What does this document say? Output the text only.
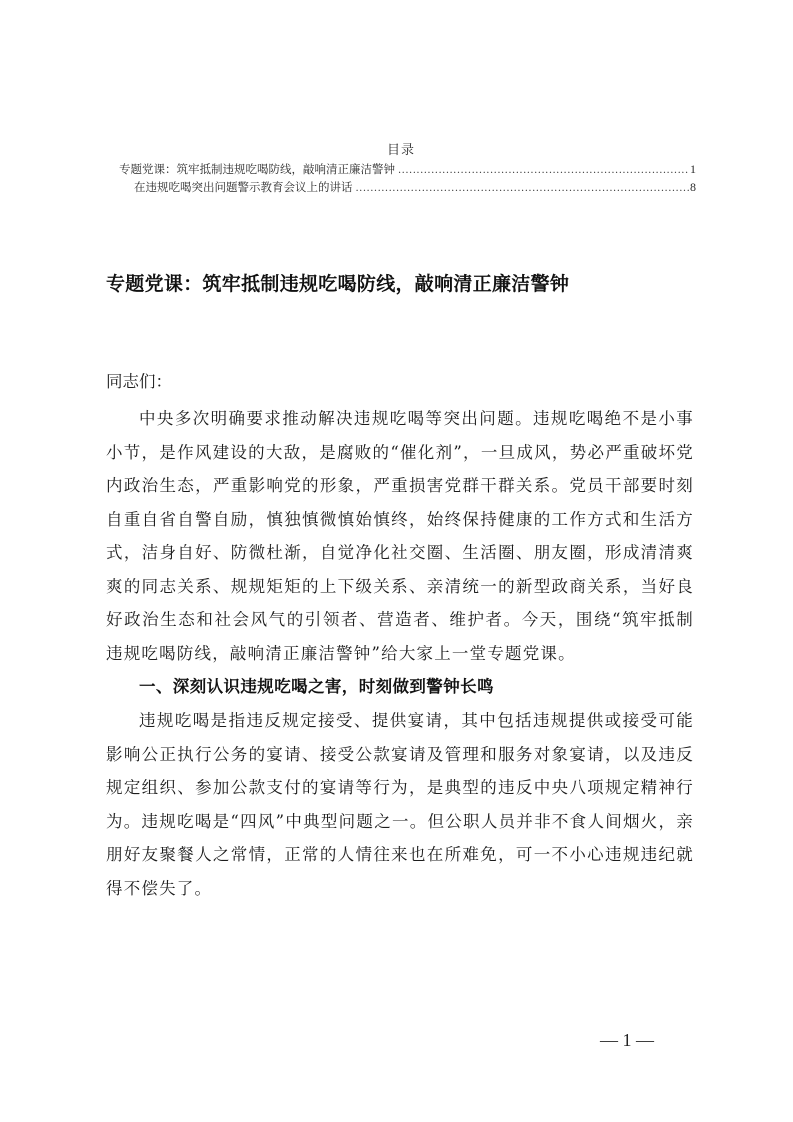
目录
专题党课：筑牢抵制违规吃喝防线，敲响清正廉洁警钟 .....	1
在违规吃喝突出问题警示教育会议上的讲话 .....	8
专题党课：筑牢抵制违规吃喝防线，敲响清正廉洁警钟

同志们：

中央多次明确要求推动解决违规吃喝等突出问题。违规吃喝绝不是小事小节，是作风建设的大敌，是腐败的“催化剂”，一旦成风，势必严重破坏党内政治生态，严重影响党的形象，严重损害党群干群关系。党员干部要时刻自重自省自警自励，慎独慎微慎始慎终，始终保持健康的工作方式和生活方式，洁身自好、防微杜渐，自觉净化社交圈、生活圈、朋友圈，形成清清爽爽的同志关系、规规矩矩的上下级关系、亲清统一的新型政商关系，当好良好政治生态和社会风气的引领者、营造者、维护者。今天，围绕“筑牢抵制违规吃喝防线，敲响清正廉洁警钟”给大家上一堂专题党课。

一、深刻认识违规吃喝之害，时刻做到警钟长鸣

违规吃喝是指违反规定接受、提供宴请，其中包括违规提供或接受可能影响公正执行公务的宴请、接受公款宴请及管理和服务对象宴请，以及违反规定组织、参加公款支付的宴请等行为，是典型的违反中央八项规定精神行为。违规吃喝是“四风”中典型问题之一。但公职人员并非不食人间烟火，亲朋好友聚餐人之常情，正常的人情往来也在所难免，可一不小心违规违纪就得不偿失了。

— 1 —
